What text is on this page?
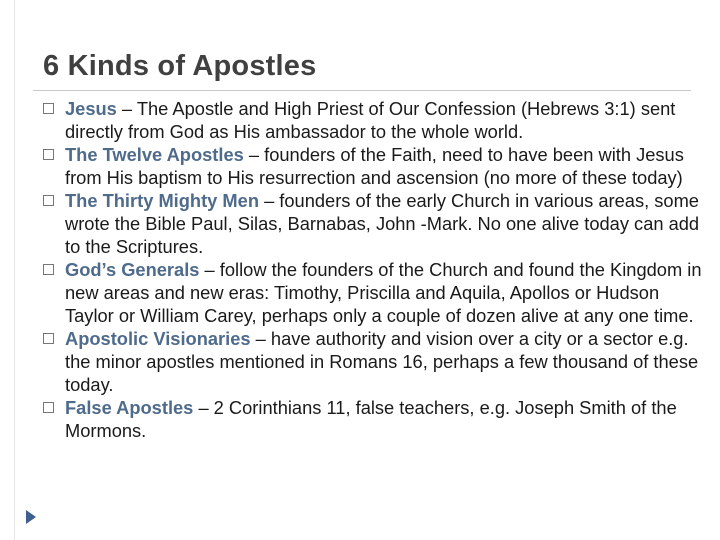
6 Kinds of Apostles
Jesus – The Apostle and High Priest of Our Confession (Hebrews 3:1) sent directly from God as His ambassador to the whole world.
The Twelve Apostles – founders of the Faith, need to have been with Jesus from His baptism to His resurrection and ascension (no more of these today)
The Thirty Mighty Men – founders of the early Church in various areas, some wrote the Bible Paul, Silas, Barnabas, John -Mark. No one alive today can add to the Scriptures.
God’s Generals – follow the founders of the Church and found the Kingdom in new areas and new eras: Timothy, Priscilla and Aquila, Apollos or Hudson Taylor or William Carey, perhaps only a couple of dozen alive at any one time.
Apostolic Visionaries – have authority and vision over a city or a sector e.g. the minor apostles mentioned in Romans 16, perhaps a few thousand of these today.
False Apostles – 2 Corinthians 11, false teachers, e.g. Joseph Smith of the Mormons.
